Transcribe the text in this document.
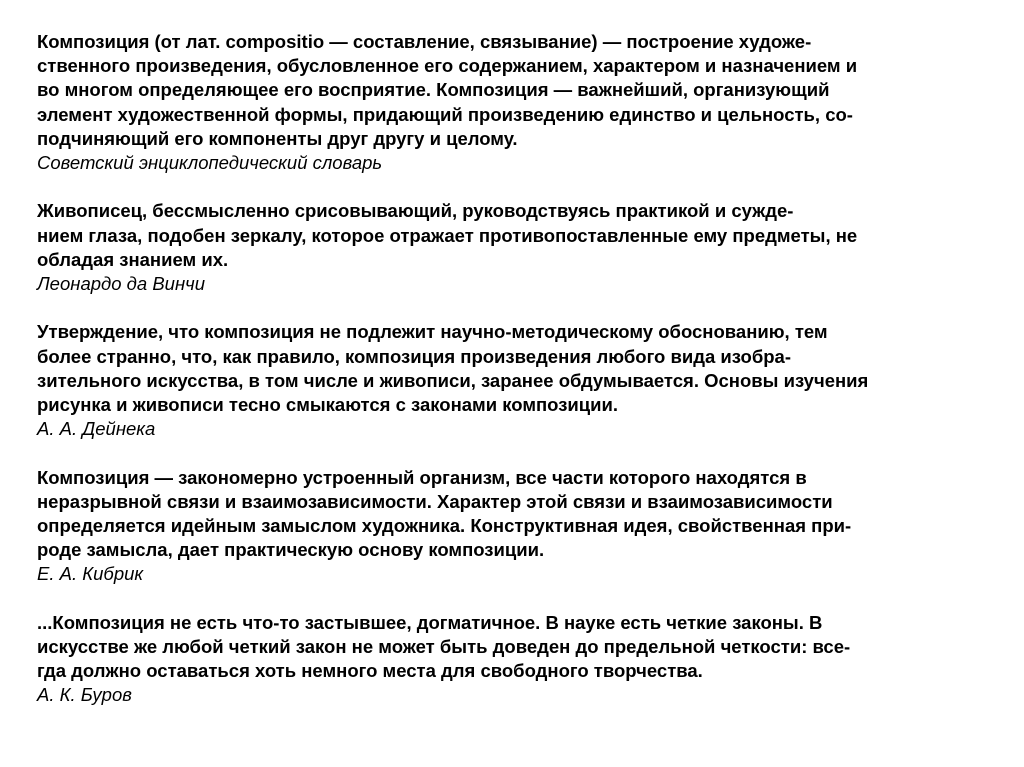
Композиция (от лат. compositio — составление, связывание) — построение художе-
ственного произведения, обусловленное его содержанием, характером и назначением и
во многом определяющее его восприятие. Композиция — важнейший, организующий
элемент художественной формы, придающий произведению единство и цельность, со-
подчиняющий его компоненты друг другу и целому.
Советский энциклопедический словарь
Живописец, бессмысленно срисовывающий, руководствуясь практикой и сужде-
нием глаза, подобен зеркалу, которое отражает противопоставленные ему предметы, не
обладая знанием их.
Леонардо да Винчи
Утверждение, что композиция не подлежит научно-методическому обоснованию, тем
более странно, что, как правило, композиция произведения любого вида изобра-
зительного искусства, в том числе и живописи, заранее обдумывается. Основы изучения
рисунка и живописи тесно смыкаются с законами композиции.
А. А. Дейнека
Композиция — закономерно устроенный организм, все части которого находятся в
неразрывной связи и взаимозависимости. Характер этой связи и взаимозависимости
определяется идейным замыслом художника. Конструктивная идея, свойственная при-
роде замысла, дает практическую основу композиции.
Е. А. Кибрик
...Композиция не есть что-то застывшее, догматичное. В науке есть четкие законы. В
искусстве же любой четкий закон не может быть доведен до предельной четкости: все-
гда должно оставаться хоть немного места для свободного творчества.
А. К. Буров
